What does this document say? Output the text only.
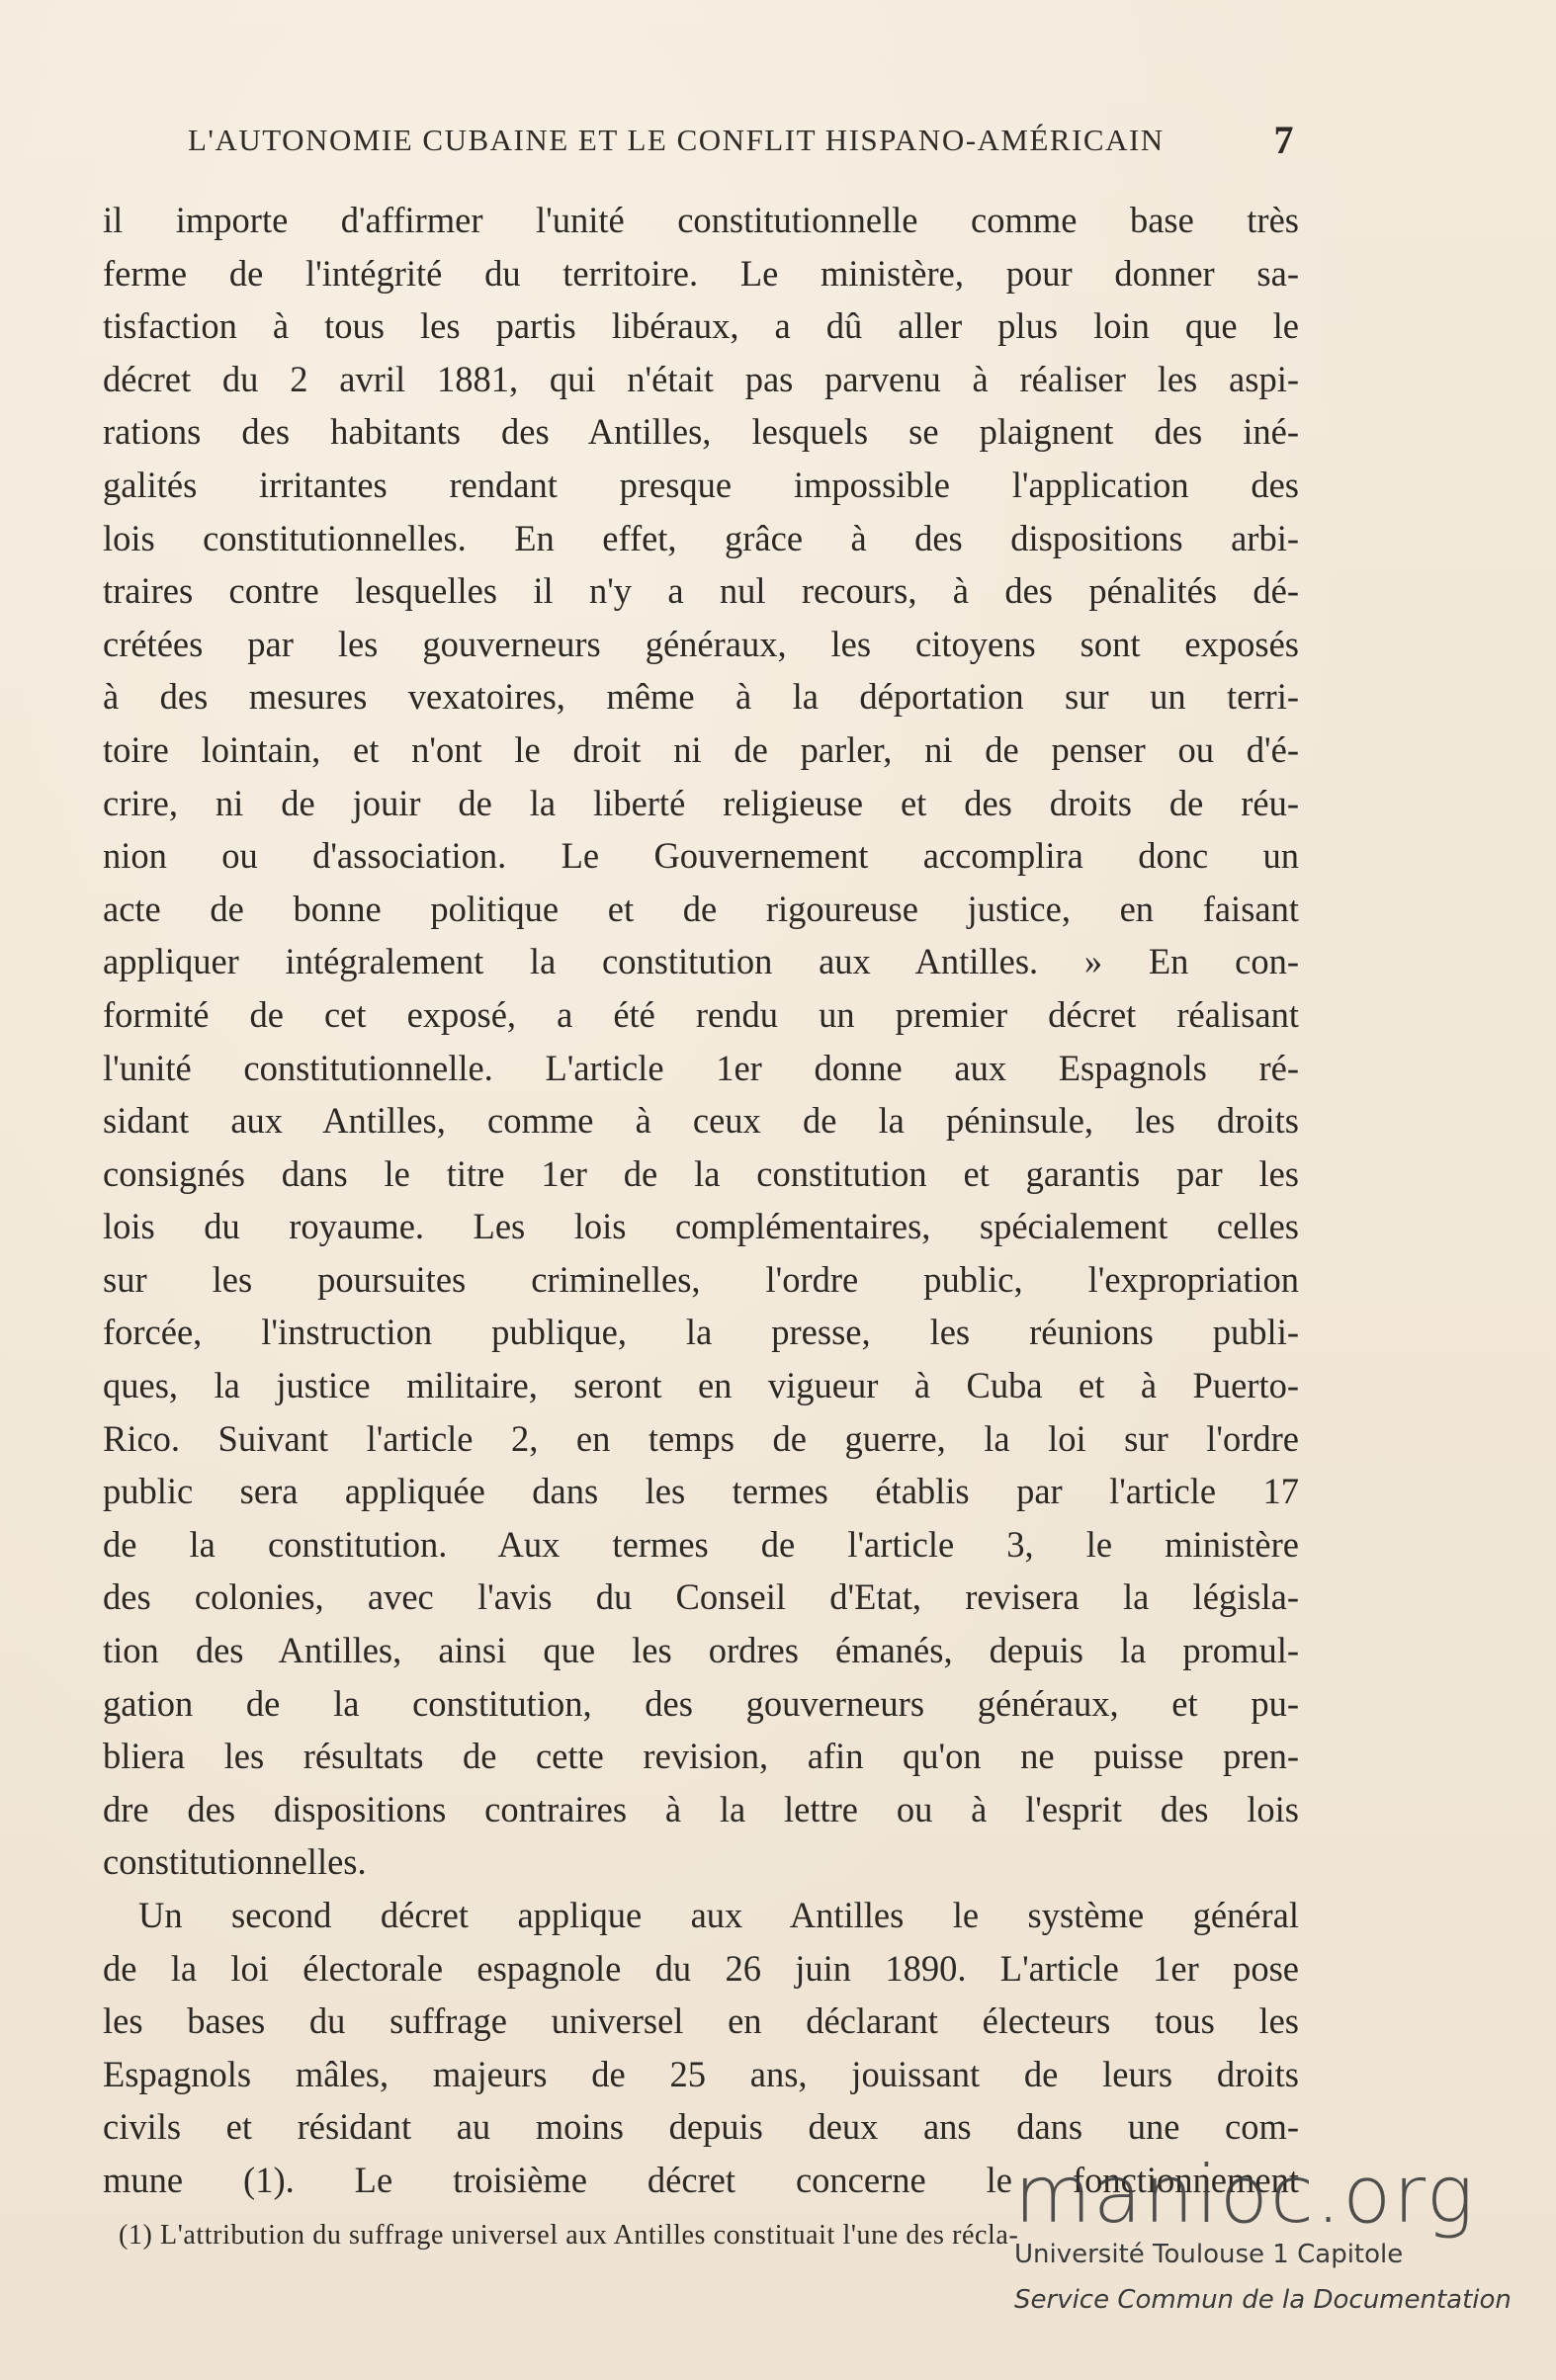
L'AUTONOMIE CUBAINE ET LE CONFLIT HISPANO-AMÉRICAIN	7
il importe d'affirmer l'unité constitutionnelle comme base très
ferme de l'intégrité du territoire. Le ministère, pour donner sa-
tisfaction à tous les partis libéraux, a dû aller plus loin que le
décret du 2 avril 1881, qui n'était pas parvenu à réaliser les aspi-
rations des habitants des Antilles, lesquels se plaignent des iné-
galités irritantes rendant presque impossible l'application des
lois constitutionnelles. En effet, grâce à des dispositions arbi-
traires contre lesquelles il n'y a nul recours, à des pénalités dé-
crétées par les gouverneurs généraux, les citoyens sont exposés
à des mesures vexatoires, même à la déportation sur un terri-
toire lointain, et n'ont le droit ni de parler, ni de penser ou d'é-
crire, ni de jouir de la liberté religieuse et des droits de réu-
nion ou d'association. Le Gouvernement accomplira donc un
acte de bonne politique et de rigoureuse justice, en faisant
appliquer intégralement la constitution aux Antilles. » En con-
formité de cet exposé, a été rendu un premier décret réalisant
l'unité constitutionnelle. L'article 1er donne aux Espagnols ré-
sidant aux Antilles, comme à ceux de la péninsule, les droits
consignés dans le titre 1er de la constitution et garantis par les
lois du royaume. Les lois complémentaires, spécialement celles
sur les poursuites criminelles, l'ordre public, l'expropriation
forcée, l'instruction publique, la presse, les réunions publi-
ques, la justice militaire, seront en vigueur à Cuba et à Puerto-
Rico. Suivant l'article 2, en temps de guerre, la loi sur l'ordre
public sera appliquée dans les termes établis par l'article 17
de la constitution. Aux termes de l'article 3, le ministère
des colonies, avec l'avis du Conseil d'Etat, revisera la législa-
tion des Antilles, ainsi que les ordres émanés, depuis la promul-
gation de la constitution, des gouverneurs généraux, et pu-
bliera les résultats de cette revision, afin qu'on ne puisse pren-
dre des dispositions contraires à la lettre ou à l'esprit des lois
constitutionnelles.
Un second décret applique aux Antilles le système général
de la loi électorale espagnole du 26 juin 1890. L'article 1er pose
les bases du suffrage universel en déclarant électeurs tous les
Espagnols mâles, majeurs de 25 ans, jouissant de leurs droits
civils et résidant au moins depuis deux ans dans une com-
mune (1). Le troisième décret concerne le fonctionnement
(1) L'attribution du suffrage universel aux Antilles constituait l'une des récla-
manioc.org
Université Toulouse 1 Capitole
Service Commun de la Documentation
